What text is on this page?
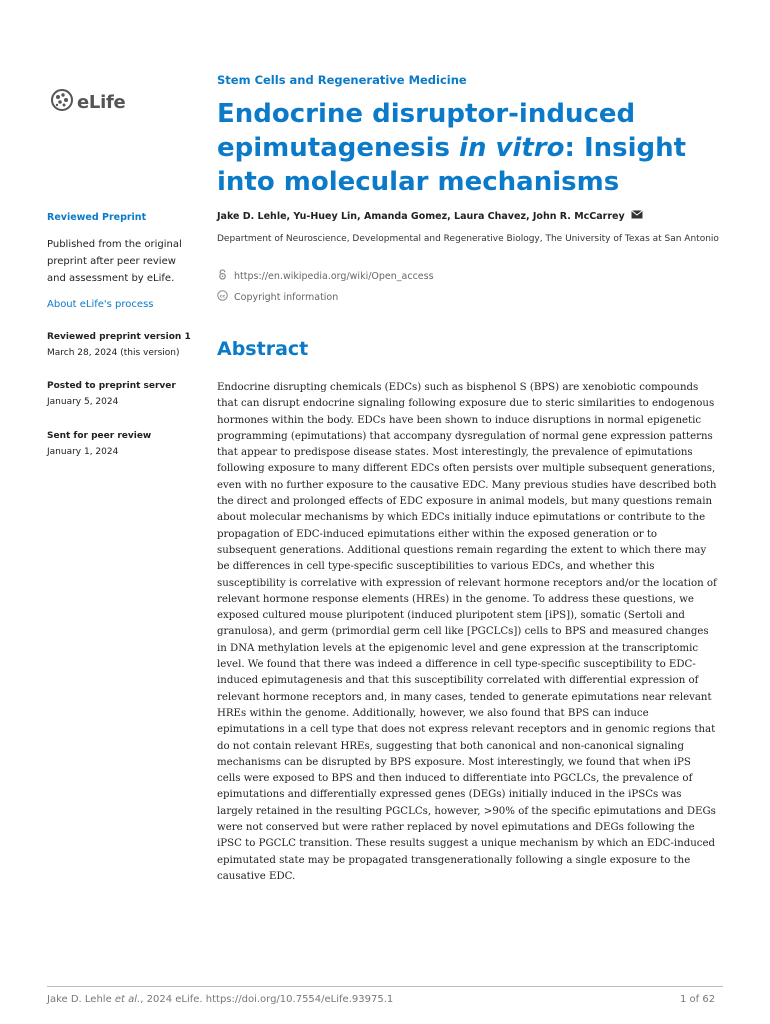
eLife
Reviewed Preprint
Published from the original preprint after peer review and assessment by eLife.
About eLife's process
Reviewed preprint version 1
March 28, 2024 (this version)
Posted to preprint server
January 5, 2024
Sent for peer review
January 1, 2024
Stem Cells and Regenerative Medicine
Endocrine disruptor-induced epimutagenesis in vitro: Insight into molecular mechanisms
Jake D. Lehle, Yu-Huey Lin, Amanda Gomez, Laura Chavez, John R. McCarrey
Department of Neuroscience, Developmental and Regenerative Biology, The University of Texas at San Antonio
https://en.wikipedia.org/wiki/Open_access
cc Copyright information
Abstract

Endocrine disrupting chemicals (EDCs) such as bisphenol S (BPS) are xenobiotic compounds that can disrupt endocrine signaling following exposure due to steric similarities to endogenous hormones within the body. EDCs have been shown to induce disruptions in normal epigenetic programming (epimutations) that accompany dysregulation of normal gene expression patterns that appear to predispose disease states. Most interestingly, the prevalence of epimutations following exposure to many different EDCs often persists over multiple subsequent generations, even with no further exposure to the causative EDC. Many previous studies have described both the direct and prolonged effects of EDC exposure in animal models, but many questions remain about molecular mechanisms by which EDCs initially induce epimutations or contribute to the propagation of EDC-induced epimutations either within the exposed generation or to subsequent generations. Additional questions remain regarding the extent to which there may be differences in cell type-specific susceptibilities to various EDCs, and whether this susceptibility is correlative with expression of relevant hormone receptors and/or the location of relevant hormone response elements (HREs) in the genome. To address these questions, we exposed cultured mouse pluripotent (induced pluripotent stem [iPS]), somatic (Sertoli and granulosa), and germ (primordial germ cell like [PGCLCs]) cells to BPS and measured changes in DNA methylation levels at the epigenomic level and gene expression at the transcriptomic level. We found that there was indeed a difference in cell type-specific susceptibility to EDC-induced epimutagenesis and that this susceptibility correlated with differential expression of relevant hormone receptors and, in many cases, tended to generate epimutations near relevant HREs within the genome. Additionally, however, we also found that BPS can induce epimutations in a cell type that does not express relevant receptors and in genomic regions that do not contain relevant HREs, suggesting that both canonical and non-canonical signaling mechanisms can be disrupted by BPS exposure. Most interestingly, we found that when iPS cells were exposed to BPS and then induced to differentiate into PGCLCs, the prevalence of epimutations and differentially expressed genes (DEGs) initially induced in the iPSCs was largely retained in the resulting PGCLCs, however, >90% of the specific epimutations and DEGs were not conserved but were rather replaced by novel epimutations and DEGs following the iPSC to PGCLC transition. These results suggest a unique mechanism by which an EDC-induced epimutated state may be propagated transgenerationally following a single exposure to the causative EDC.

Jake D. Lehle et al., 2024 eLife. https://doi.org/10.7554/eLife.93975.1	1 of 62
